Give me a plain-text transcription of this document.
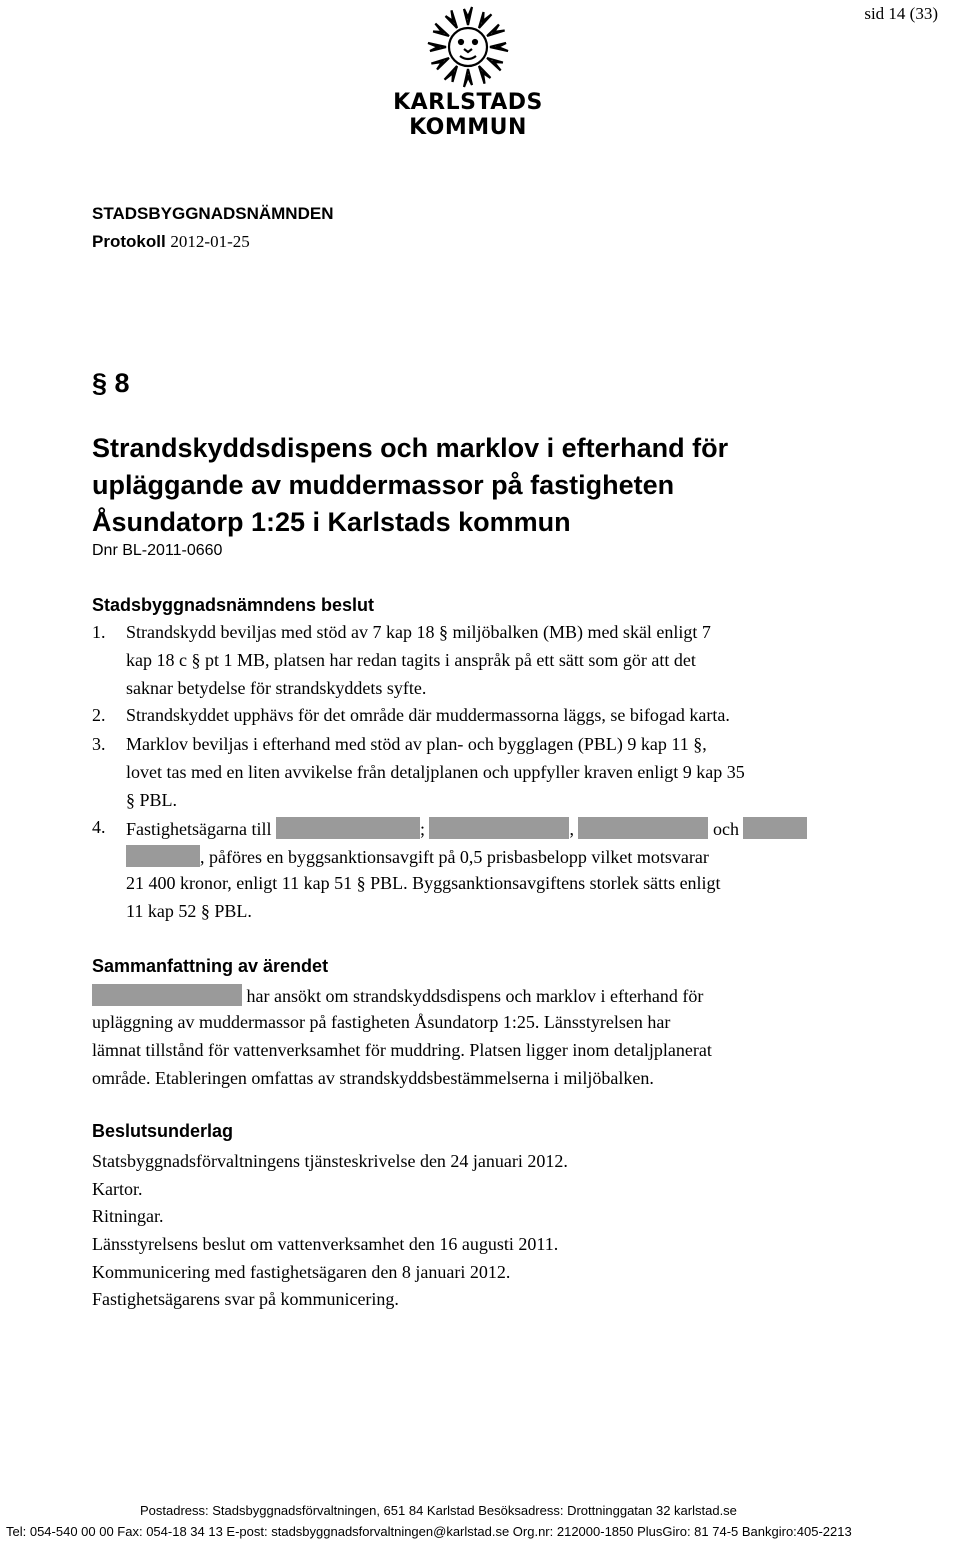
sid 14 (33)
KARLSTADS KOMMUN
STADSBYGGNADSNÄMNDEN
Protokoll 2012-01-25
§ 8
Strandskyddsdispens och marklov i efterhand för
upläggande av muddermassor på fastigheten
Åsundatorp 1:25 i Karlstads kommun
Dnr BL-2011-0660
Stadsbyggnadsnämndens beslut
1. Strandskydd beviljas med stöd av 7 kap 18 § miljöbalken (MB) med skäl enligt 7
kap 18 c § pt 1 MB, platsen har redan tagits i anspråk på ett sätt som gör att det
saknar betydelse för strandskyddets syfte.
2. Strandskyddet upphävs för det område där muddermassorna läggs, se bifogad karta.
3. Marklov beviljas i efterhand med stöd av plan- och bygglagen (PBL) 9 kap 11 §,
lovet tas med en liten avvikelse från detaljplanen och uppfyller kraven enligt 9 kap 35
§ PBL.
4. Fastighetsägarna till	;	,	och
, påföres en byggsanktionsavgift på 0,5 prisbasbelopp vilket motsvarar
21 400 kronor, enligt 11 kap 51 § PBL. Byggsanktionsavgiftens storlek sätts enligt
11 kap 52 § PBL.
Sammanfattning av ärendet
har ansökt om strandskyddsdispens och marklov i efterhand för
upläggning av muddermassor på fastigheten Åsundatorp 1:25. Länsstyrelsen har
lämnat tillstånd för vattenverksamhet för muddring. Platsen ligger inom detaljplanerat
område. Etableringen omfattas av strandskyddsbestämmelserna i miljöbalken.
Beslutsunderlag
Statsbyggnadsförvaltningens tjänsteskrivelse den 24 januari 2012.
Kartor.
Ritningar.
Länsstyrelsens beslut om vattenverksamhet den 16 augusti 2011.
Kommunicering med fastighetsägaren den 8 januari 2012.
Fastighetsägarens svar på kommunicering.
Postadress: Stadsbyggnadsförvaltningen, 651 84 Karlstad Besöksadress: Drottninggatan 32 karlstad.se
Tel: 054-540 00 00 Fax: 054-18 34 13 E-post: stadsbyggnadsforvaltningen@karlstad.se Org.nr: 212000-1850 PlusGiro: 81 74-5 Bankgiro:405-2213
